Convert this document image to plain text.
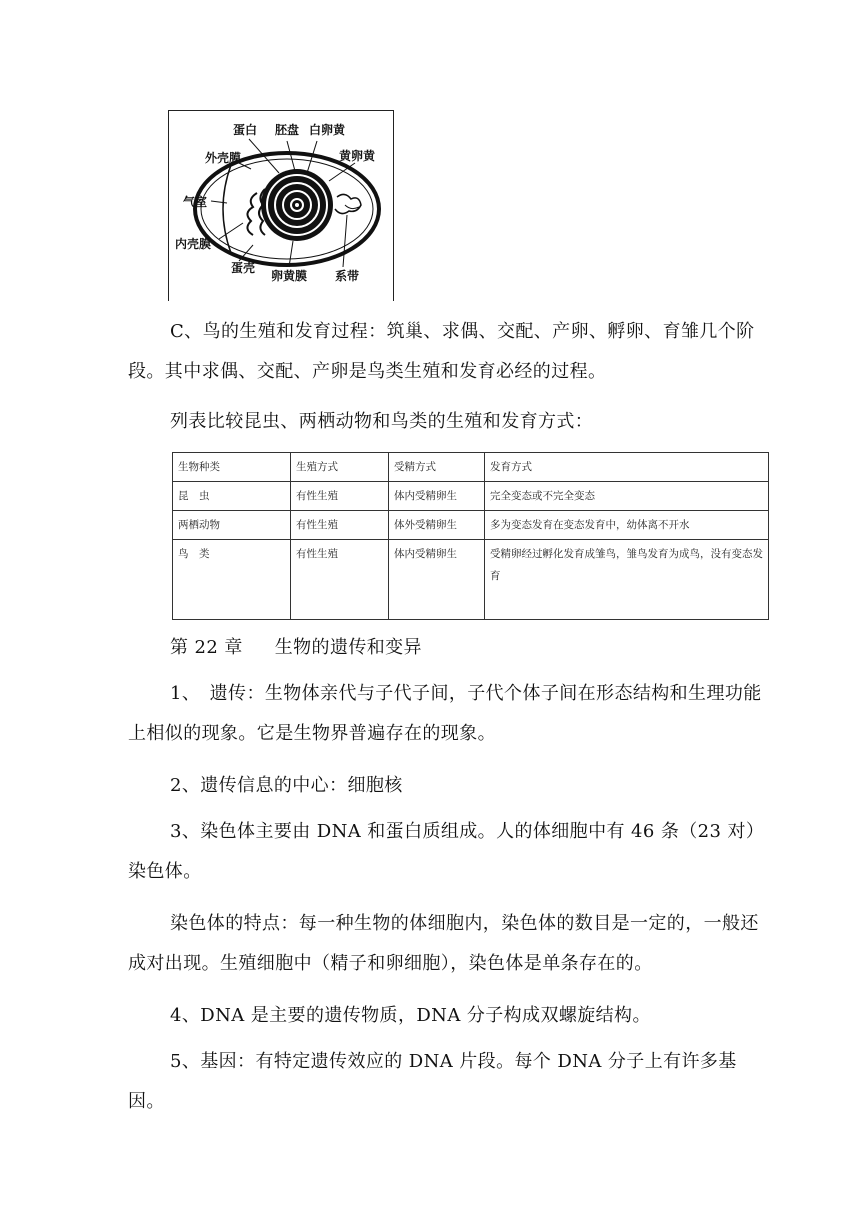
蛋白 胚盘 白卵黄
外壳膜	黄卵黄
气室
内壳膜
蛋壳
卵黄膜 系带

C、鸟的生殖和发育过程：筑巢、求偶、交配、产卵、孵卵、育雏几个阶段。其中求偶、交配、产卵是鸟类生殖和发育必经的过程。

列表比较昆虫、两栖动物和鸟类的生殖和发育方式：

生物种类	生殖方式	受精方式	发育方式
昆　虫	有性生殖	体内受精卵生	完全变态或不完全变态
两栖动物	有性生殖	体外受精卵生	多为变态发育在变态发育中，幼体离不开水
鸟　类	有性生殖	体内受精卵生	受精卵经过孵化发育成雏鸟，雏鸟发育为成鸟，没有变态发育

第 22 章 生物的遗传和变异

1、　遗传：生物体亲代与子代子间，子代个体子间在形态结构和生理功能上相似的现象。它是生物界普遍存在的现象。

2、遗传信息的中心：细胞核

3、染色体主要由 DNA 和蛋白质组成。人的体细胞中有 46 条（23 对）染色体。

染色体的特点：每一种生物的体细胞内，染色体的数目是一定的，一般还成对出现。生殖细胞中（精子和卵细胞），染色体是单条存在的。

4、DNA 是主要的遗传物质，DNA 分子构成双螺旋结构。

5、基因：有特定遗传效应的 DNA 片段。每个 DNA 分子上有许多基因。
